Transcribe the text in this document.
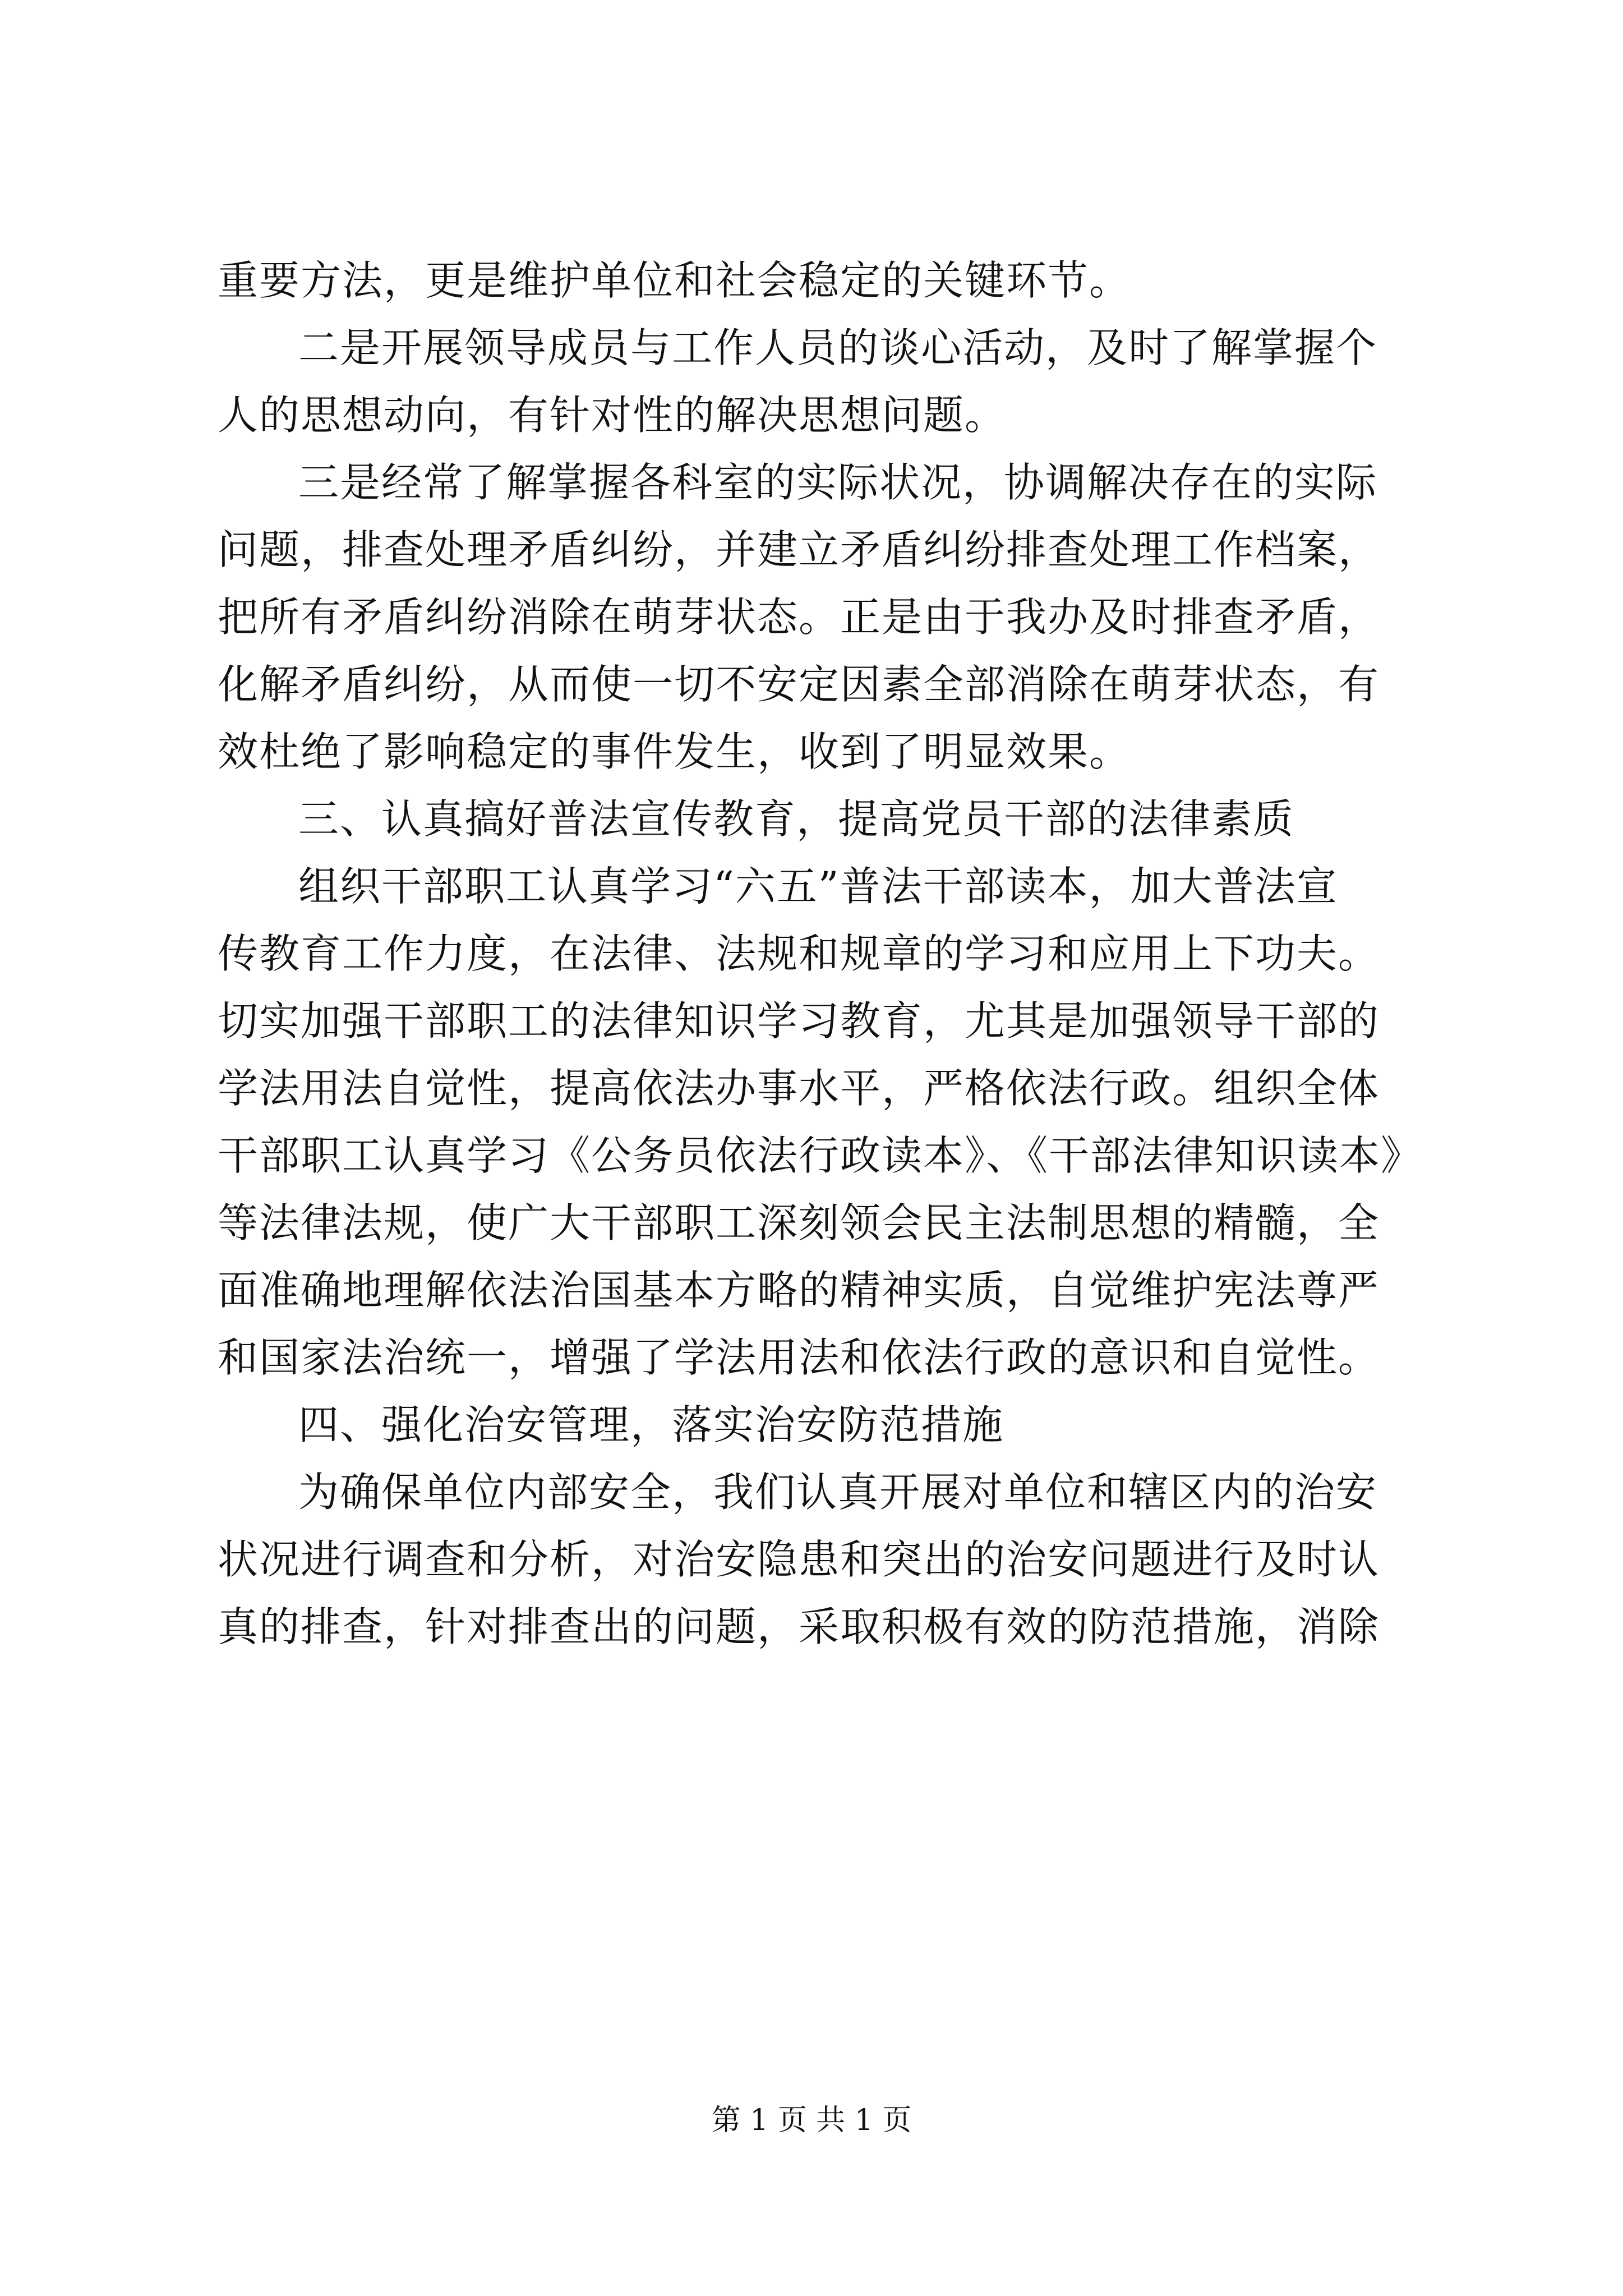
重要方法，更是维护单位和社会稳定的关键环节。
二是开展领导成员与工作人员的谈心活动，及时了解掌握个
人的思想动向，有针对性的解决思想问题。
三是经常了解掌握各科室的实际状况，协调解决存在的实际
问题，排查处理矛盾纠纷，并建立矛盾纠纷排查处理工作档案，
把所有矛盾纠纷消除在萌芽状态。正是由于我办及时排查矛盾，
化解矛盾纠纷，从而使一切不安定因素全部消除在萌芽状态，有
效杜绝了影响稳定的事件发生，收到了明显效果。
三、认真搞好普法宣传教育，提高党员干部的法律素质
组织干部职工认真学习“六五”普法干部读本，加大普法宣
传教育工作力度，在法律、法规和规章的学习和应用上下功夫。
切实加强干部职工的法律知识学习教育，尤其是加强领导干部的
学法用法自觉性，提高依法办事水平，严格依法行政。组织全体
干部职工认真学习《公务员依法行政读本》、《干部法律知识读本》
等法律法规，使广大干部职工深刻领会民主法制思想的精髓，全
面准确地理解依法治国基本方略的精神实质，自觉维护宪法尊严
和国家法治统一，增强了学法用法和依法行政的意识和自觉性。
四、强化治安管理，落实治安防范措施
为确保单位内部安全，我们认真开展对单位和辖区内的治安
状况进行调查和分析，对治安隐患和突出的治安问题进行及时认
真的排查，针对排查出的问题，采取积极有效的防范措施，消除
第 1 页 共 1 页
